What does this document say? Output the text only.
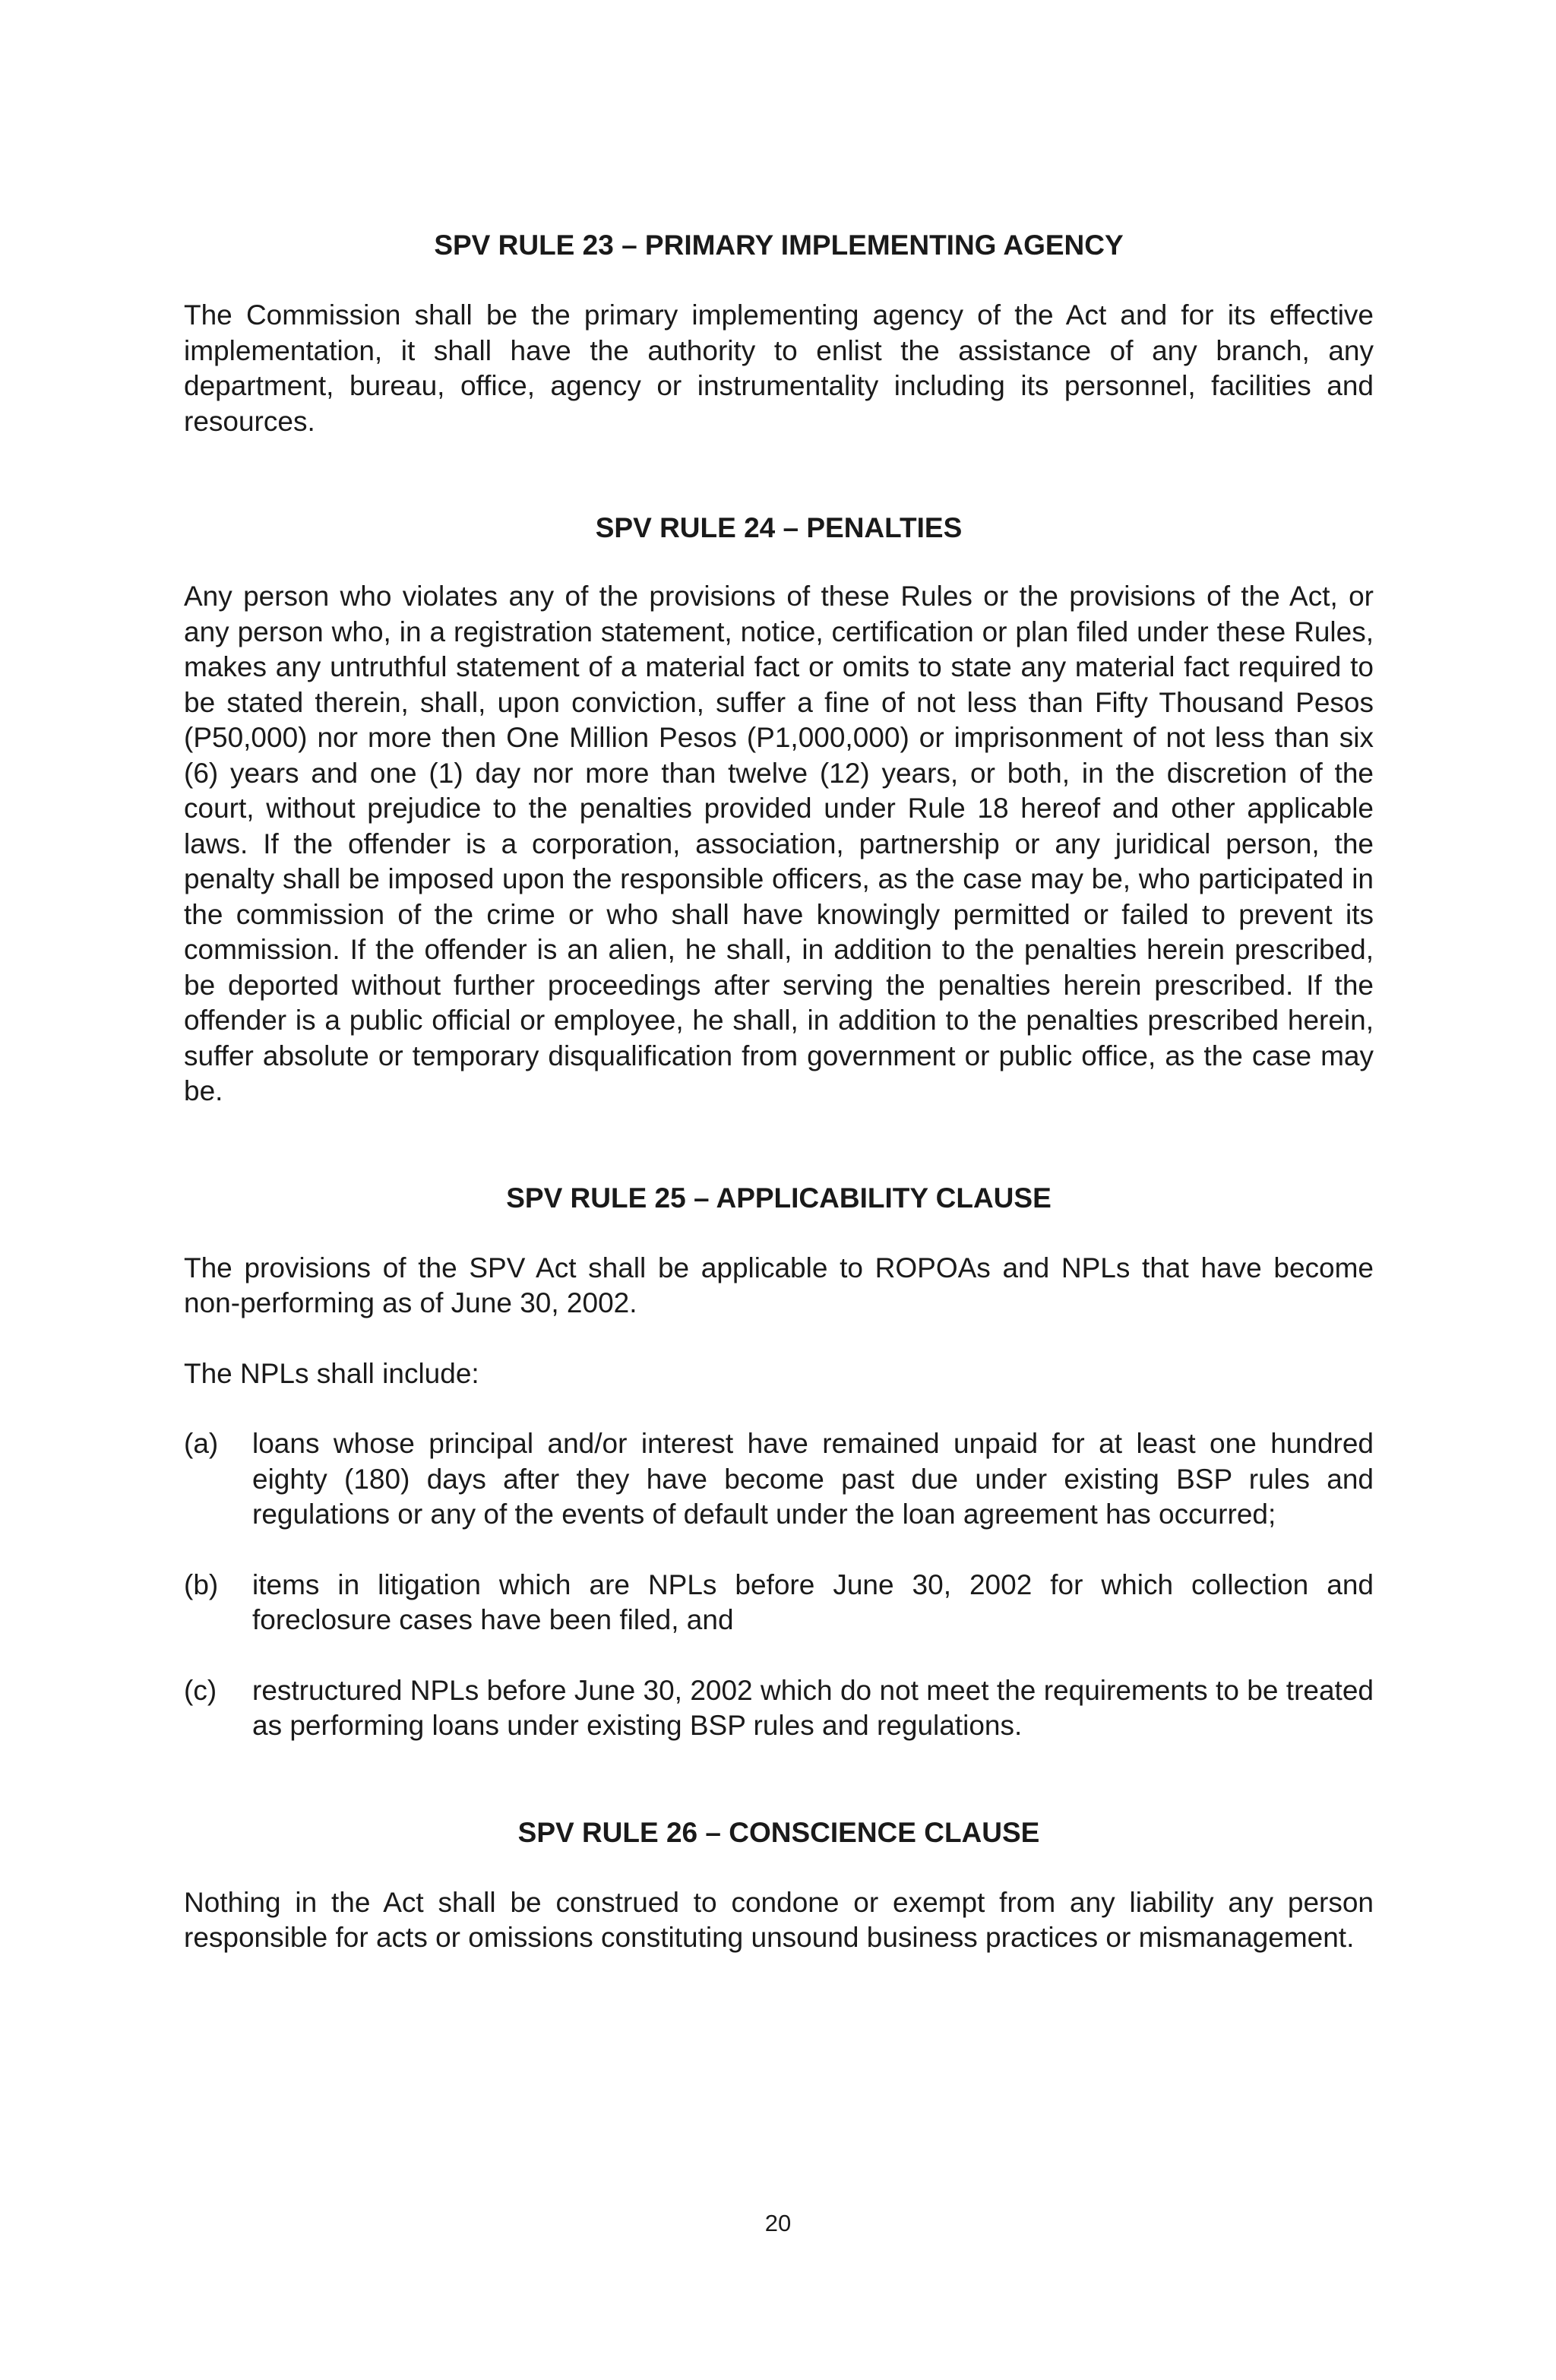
SPV RULE 23 – PRIMARY IMPLEMENTING AGENCY

The Commission shall be the primary implementing agency of the Act and for its effective implementation, it shall have the authority to enlist the assistance of any branch, any department, bureau, office, agency or instrumentality including its personnel, facilities and resources.

SPV RULE 24 – PENALTIES

Any person who violates any of the provisions of these Rules or the provisions of the Act, or any person who, in a registration statement, notice, certification or plan filed under these Rules, makes any untruthful statement of a material fact or omits to state any material fact required to be stated therein, shall, upon conviction, suffer a fine of not less than Fifty Thousand Pesos (P50,000) nor more then One Million Pesos (P1,000,000) or imprisonment of not less than six (6) years and one (1) day nor more than twelve (12) years, or both, in the discretion of the court, without prejudice to the penalties provided under Rule 18 hereof and other applicable laws. If the offender is a corporation, association, partnership or any juridical person, the penalty shall be imposed upon the responsible officers, as the case may be, who participated in the commission of the crime or who shall have knowingly permitted or failed to prevent its commission. If the offender is an alien, he shall, in addition to the penalties herein prescribed, be deported without further proceedings after serving the penalties herein prescribed. If the offender is a public official or employee, he shall, in addition to the penalties prescribed herein, suffer absolute or temporary disqualification from government or public office, as the case may be.

SPV RULE 25 – APPLICABILITY CLAUSE

The provisions of the SPV Act shall be applicable to ROPOAs and NPLs that have become non-performing as of June 30, 2002.

The NPLs shall include:

(a)	loans whose principal and/or interest have remained unpaid for at least one hundred eighty (180) days after they have become past due under existing BSP rules and regulations or any of the events of default under the loan agreement has occurred;
(b)	items in litigation which are NPLs before June 30, 2002 for which collection and foreclosure cases have been filed, and
(c)	restructured NPLs before June 30, 2002 which do not meet the requirements to be treated as performing loans under existing BSP rules and regulations.
SPV RULE 26 – CONSCIENCE CLAUSE

Nothing in the Act shall be construed to condone or exempt from any liability any person responsible for acts or omissions constituting unsound business practices or mismanagement.

20
